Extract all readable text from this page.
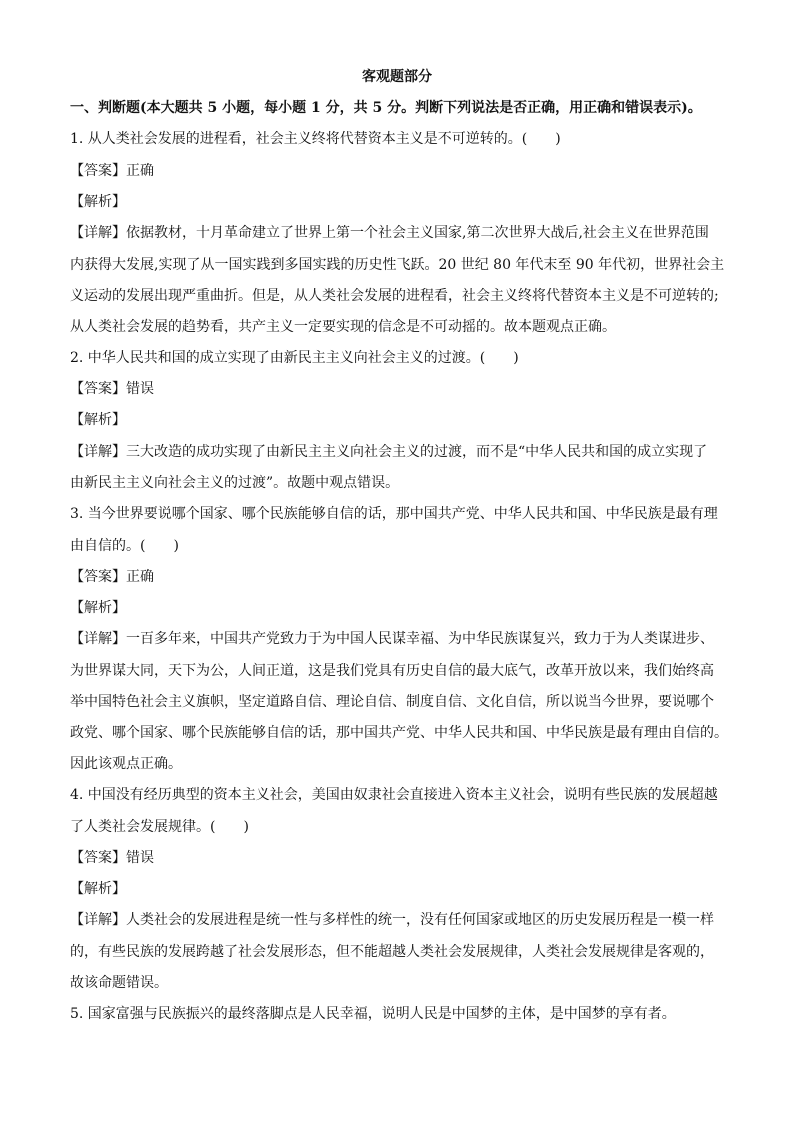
客观题部分
一、判断题(本大题共 5 小题，每小题 1 分，共 5 分。判断下列说法是否正确，用正确和错误表示)。
1. 从人类社会发展的进程看，社会主义终将代替资本主义是不可逆转的。(　　)
【答案】正确
【解析】
【详解】依据教材，十月革命建立了世界上第一个社会主义国家,第二次世界大战后,社会主义在世界范围
内获得大发展,实现了从一国实践到多国实践的历史性飞跃。20 世纪 80 年代末至 90 年代初，世界社会主
义运动的发展出现严重曲折。但是，从人类社会发展的进程看，社会主义终将代替资本主义是不可逆转的;
从人类社会发展的趋势看，共产主义一定要实现的信念是不可动摇的。故本题观点正确。
2. 中华人民共和国的成立实现了由新民主主义向社会主义的过渡。(　　)
【答案】错误
【解析】
【详解】三大改造的成功实现了由新民主主义向社会主义的过渡，而不是“中华人民共和国的成立实现了
由新民主主义向社会主义的过渡”。故题中观点错误。
3. 当今世界要说哪个国家、哪个民族能够自信的话，那中国共产党、中华人民共和国、中华民族是最有理
由自信的。(　　)
【答案】正确
【解析】
【详解】一百多年来，中国共产党致力于为中国人民谋幸福、为中华民族谋复兴，致力于为人类谋进步、
为世界谋大同，天下为公，人间正道，这是我们党具有历史自信的最大底气，改革开放以来，我们始终高
举中国特色社会主义旗帜，坚定道路自信、理论自信、制度自信、文化自信，所以说当今世界，要说哪个
政党、哪个国家、哪个民族能够自信的话，那中国共产党、中华人民共和国、中华民族是最有理由自信的。
因此该观点正确。
4. 中国没有经历典型的资本主义社会，美国由奴隶社会直接进入资本主义社会，说明有些民族的发展超越
了人类社会发展规律。(　　)
【答案】错误
【解析】
【详解】人类社会的发展进程是统一性与多样性的统一，没有任何国家或地区的历史发展历程是一模一样
的，有些民族的发展跨越了社会发展形态，但不能超越人类社会发展规律，人类社会发展规律是客观的，
故该命题错误。
5. 国家富强与民族振兴的最终落脚点是人民幸福，说明人民是中国梦的主体，是中国梦的享有者。
